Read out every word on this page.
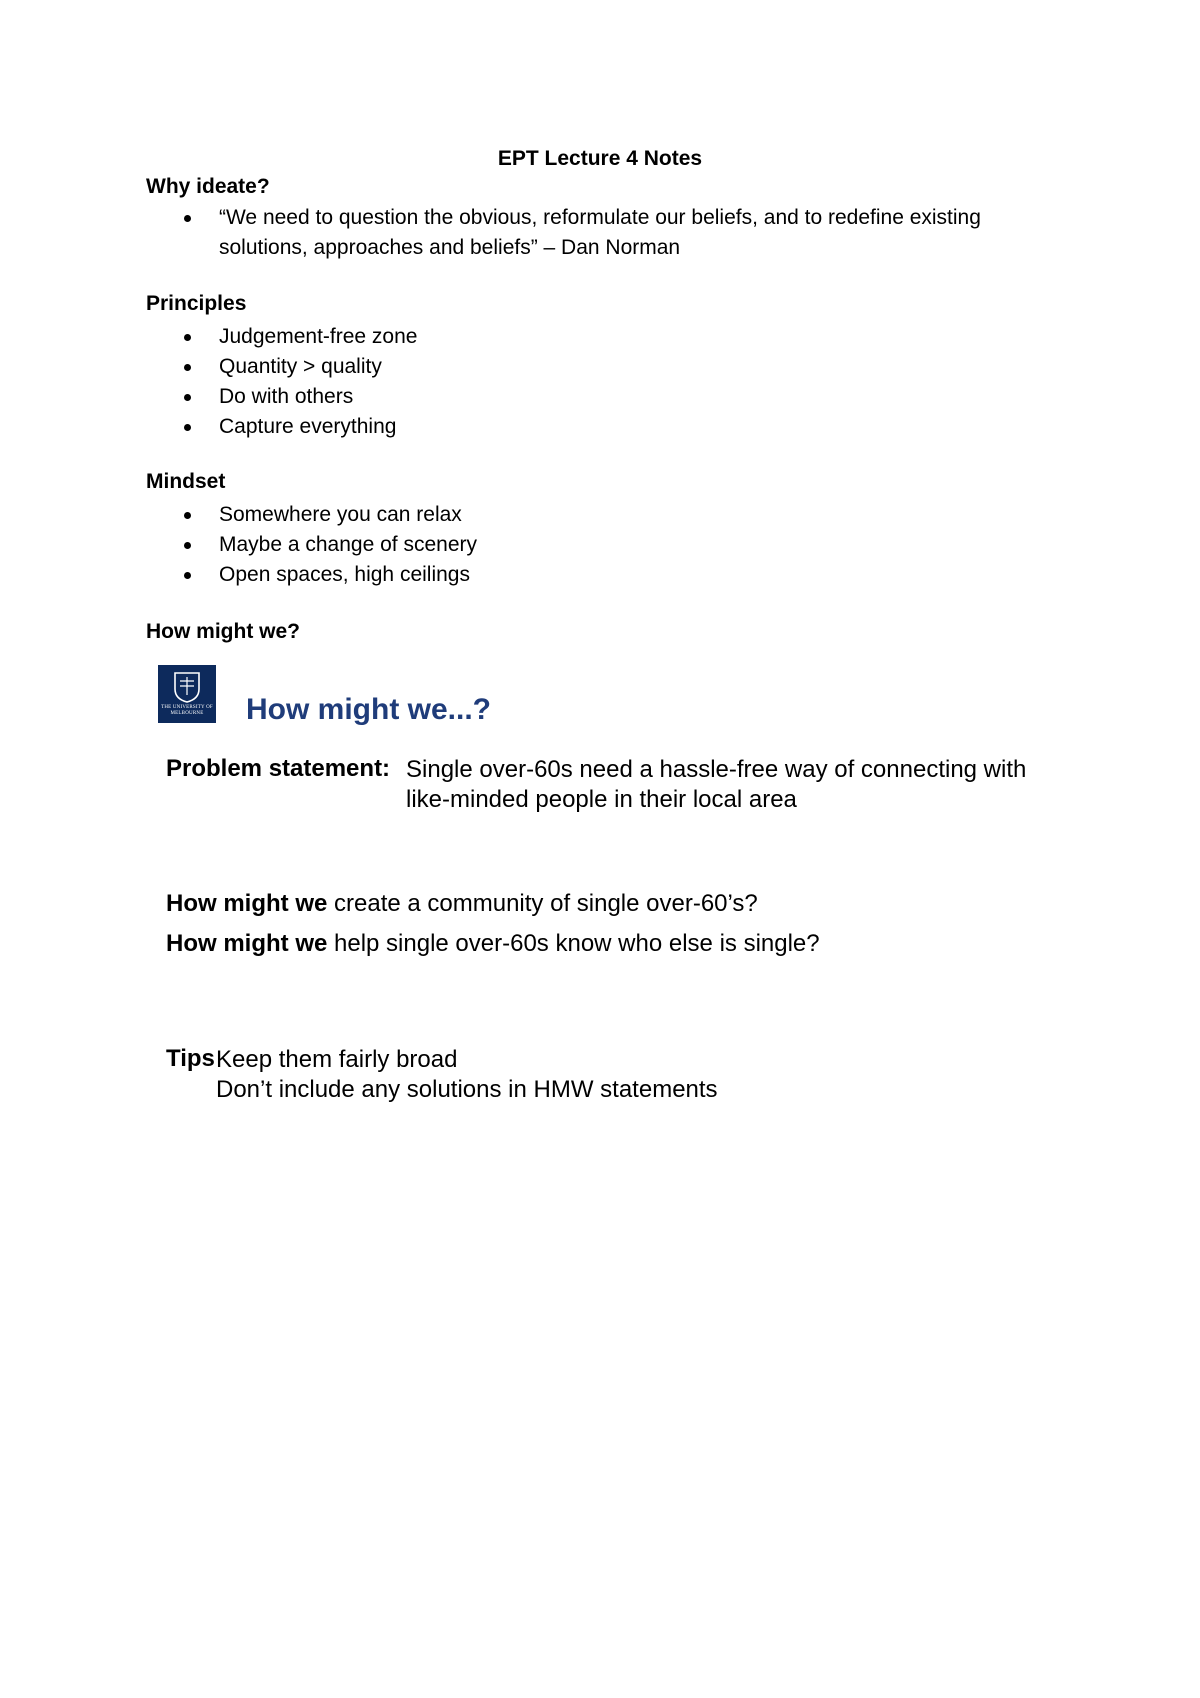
EPT Lecture 4 Notes
Why ideate?
“We need to question the obvious, reformulate our beliefs, and to redefine existing solutions, approaches and beliefs” – Dan Norman
Principles
Judgement-free zone
Quantity > quality
Do with others
Capture everything
Mindset
Somewhere you can relax
Maybe a change of scenery
Open spaces, high ceilings
How might we?
THE UNIVERSITY OF MELBOURNE	How might we...?
Problem statement: Single over-60s need a hassle-free way of connecting with like-minded people in their local area
How might we create a community of single over-60’s?
How might we help single over-60s know who else is single?
Tips Keep them fairly broad
Don’t include any solutions in HMW statements
